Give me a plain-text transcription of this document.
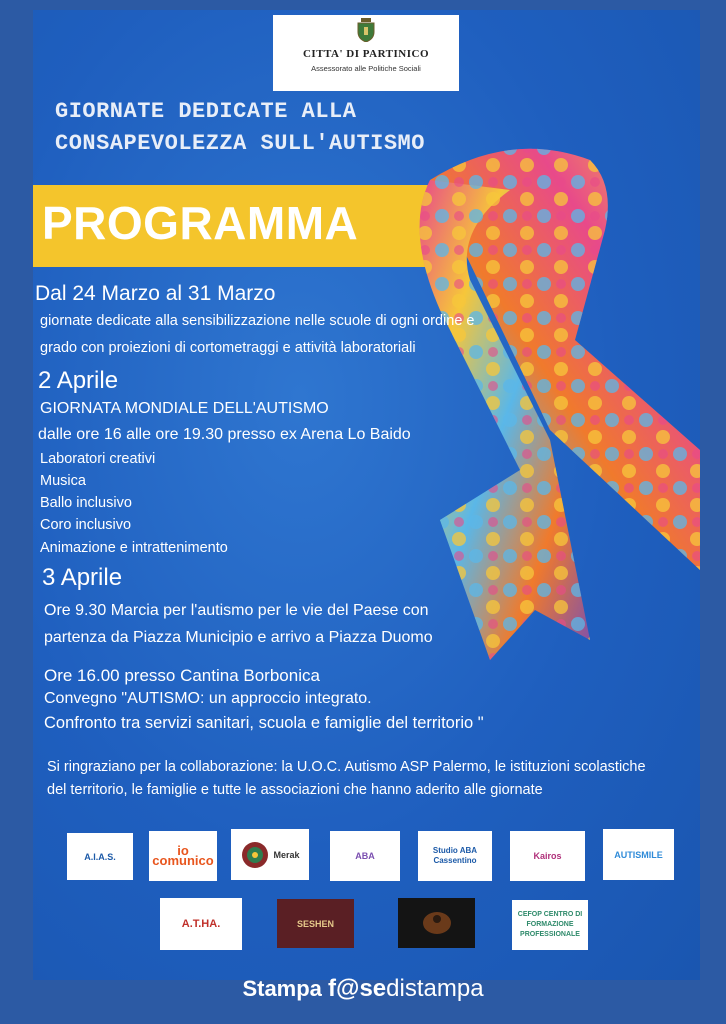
CITTA' DI PARTINICO
Assessorato alle Politiche Sociali
GIORNATE DEDICATE ALLA
CONSAPEVOLEZZA SULL'AUTISMO
PROGRAMMA
Dal 24 Marzo al 31 Marzo
giornate dedicate alla sensibilizzazione nelle scuole di ogni ordine e
grado con proiezioni di cortometraggi e attività laboratoriali
2 Aprile
GIORNATA MONDIALE DELL'AUTISMO
dalle ore 16 alle ore 19.30 presso ex Arena Lo Baido
Laboratori creativi
Musica
Ballo inclusivo
Coro inclusivo
Animazione e intrattenimento
3 Aprile
Ore 9.30 Marcia per l'autismo per le vie del Paese con
partenza da Piazza Municipio e arrivo a Piazza Duomo
Ore 16.00 presso Cantina Borbonica
Convegno "AUTISMO: un approccio integrato.
Confronto tra servizi sanitari, scuola e famiglie del territorio "
Si ringraziano per la collaborazione: la U.O.C. Autismo ASP Palermo, le istituzioni scolastiche
del territorio, le famiglie e tutte le associazioni che hanno aderito alle giornate
A.I.A.S.	io comunico	Merak	ABA
Studio ABA Cassentino	Kairos	AUTISMILE
A.T.HA.	SESHEN
CEFOP CENTRO DI FORMAZIONE PROFESSIONALE
Stampa f@sedistampa
